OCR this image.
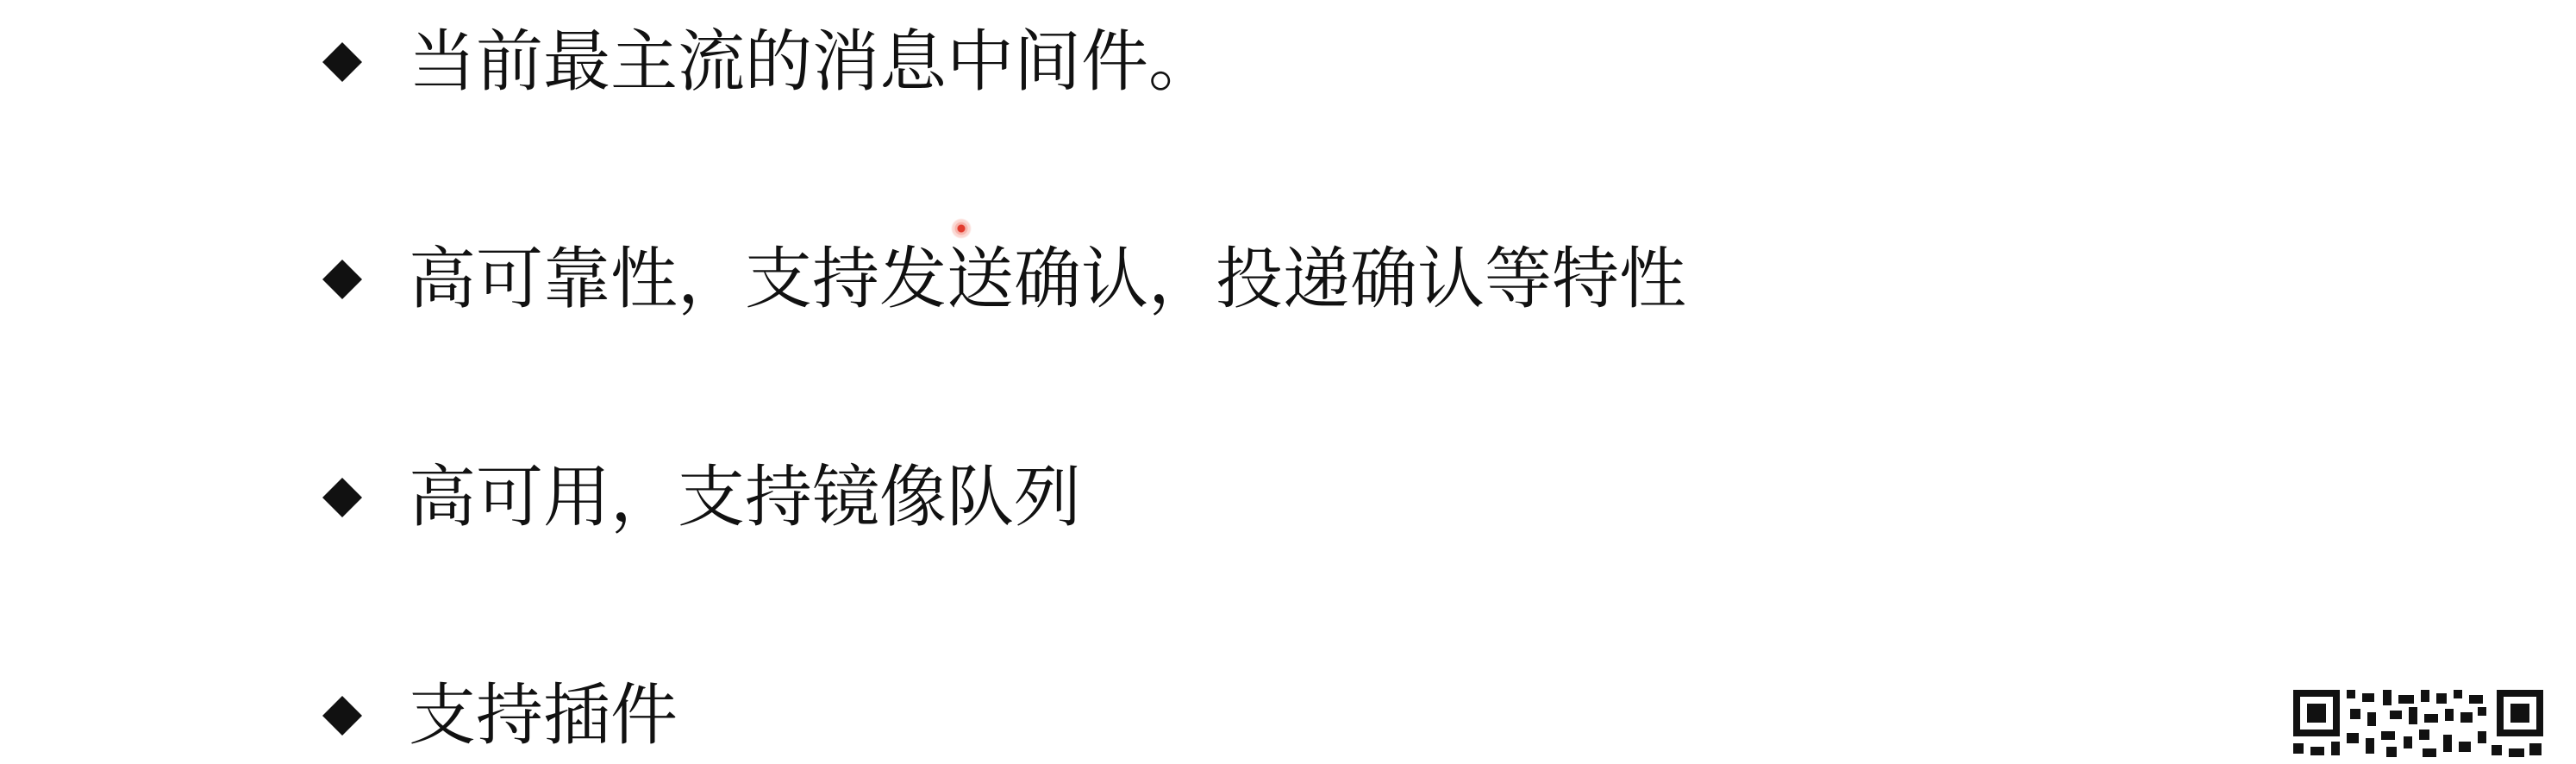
当前最主流的消息中间件。
高可靠性，支持发送确认，投递确认等特性
高可用，支持镜像队列
支持插件
